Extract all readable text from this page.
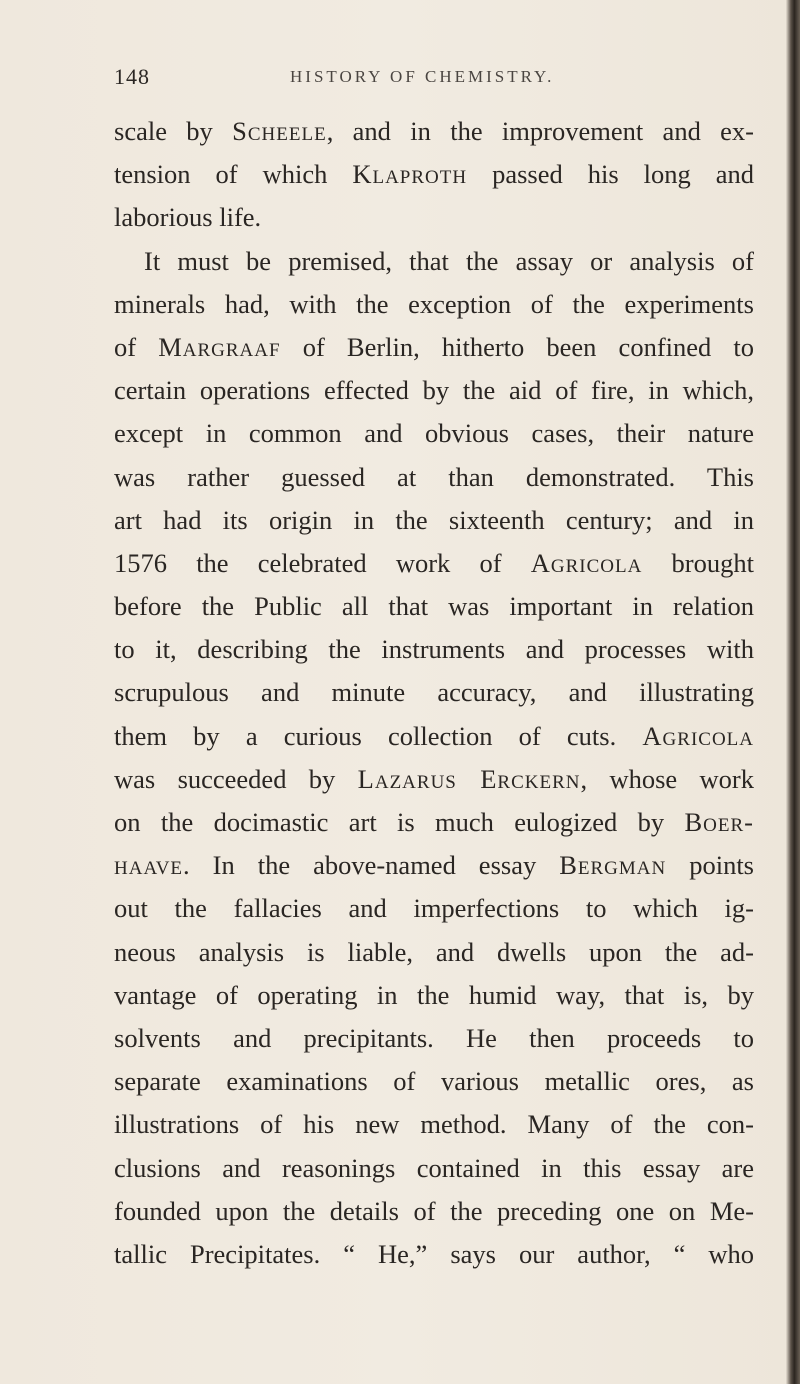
148	HISTORY OF CHEMISTRY.
scale by Scheele, and in the improvement and ex-
tension of which Klaproth passed his long and
laborious life.
It must be premised, that the assay or analysis of
minerals had, with the exception of the experiments
of Margraaf of Berlin, hitherto been confined to
certain operations effected by the aid of fire, in which,
except in common and obvious cases, their nature
was rather guessed at than demonstrated. This
art had its origin in the sixteenth century; and in
1576 the celebrated work of Agricola brought
before the Public all that was important in relation
to it, describing the instruments and processes with
scrupulous and minute accuracy, and illustrating
them by a curious collection of cuts. Agricola
was succeeded by Lazarus Erckern, whose work
on the docimastic art is much eulogized by Boer-
haave. In the above-named essay Bergman points
out the fallacies and imperfections to which ig-
neous analysis is liable, and dwells upon the ad-
vantage of operating in the humid way, that is, by
solvents and precipitants. He then proceeds to
separate examinations of various metallic ores, as
illustrations of his new method. Many of the con-
clusions and reasonings contained in this essay are
founded upon the details of the preceding one on Me-
tallic Precipitates. “ He,” says our author, “ who
